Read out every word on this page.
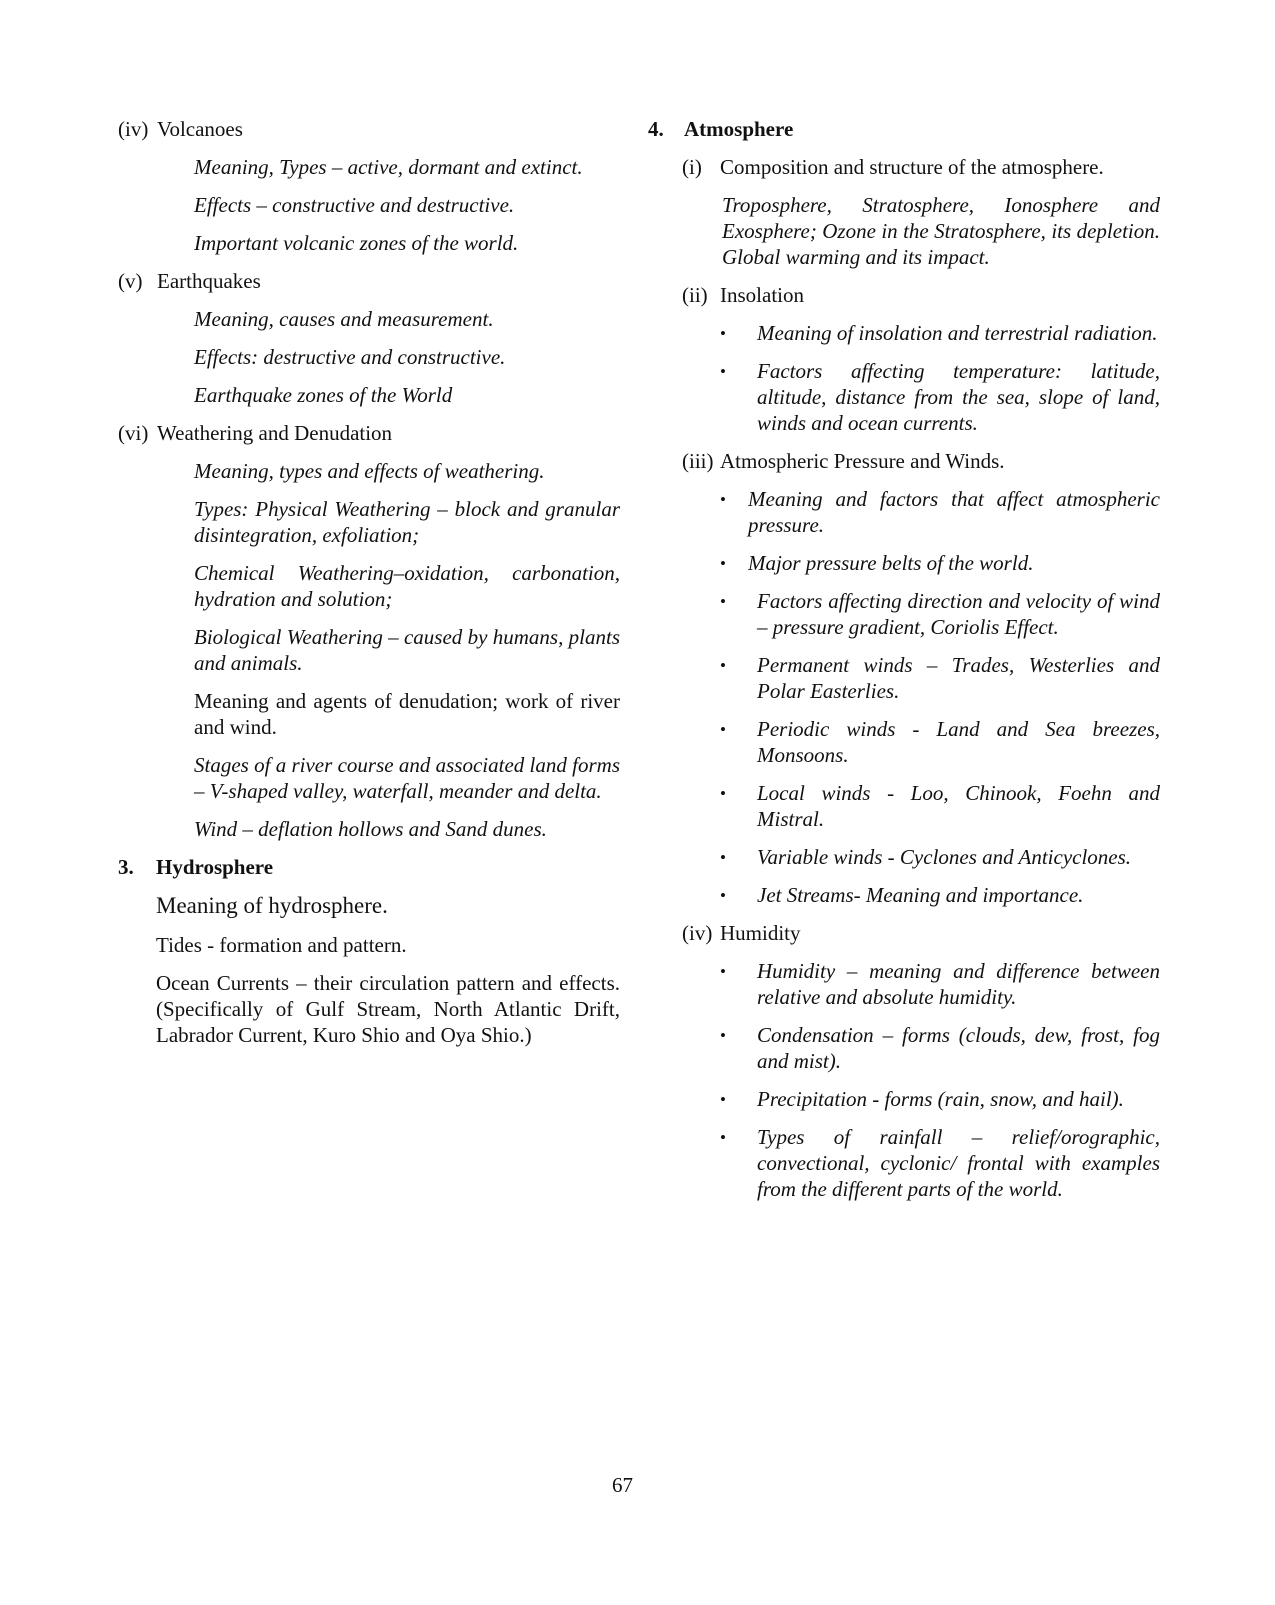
(iv) Volcanoes

Meaning, Types – active, dormant and extinct.

Effects – constructive and destructive.

Important volcanic zones of the world.

(v) Earthquakes

Meaning, causes and measurement.

Effects: destructive and constructive.

Earthquake zones of the World

(vi) Weathering and Denudation

Meaning, types and effects of weathering.

Types: Physical Weathering – block and granular disintegration, exfoliation;

Chemical Weathering–oxidation, carbonation, hydration and solution;

Biological Weathering – caused by humans, plants and animals.

Meaning and agents of denudation; work of river and wind.

Stages of a river course and associated land forms – V-shaped valley, waterfall, meander and delta.

Wind – deflation hollows and Sand dunes.

3. Hydrosphere

Meaning of hydrosphere.

Tides - formation and pattern.

Ocean Currents – their circulation pattern and effects. (Specifically of Gulf Stream, North Atlantic Drift, Labrador Current, Kuro Shio and Oya Shio.)

4. Atmosphere
(i) Composition and structure of the atmosphere.

Troposphere, Stratosphere, Ionosphere and Exosphere; Ozone in the Stratosphere, its depletion. Global warming and its impact.

(ii) Insolation
• Meaning of insolation and terrestrial radiation.
• Factors affecting temperature: latitude, altitude, distance from the sea, slope of land, winds and ocean currents.
(iii) Atmospheric Pressure and Winds.
• Meaning and factors that affect atmospheric pressure.
• Major pressure belts of the world.
• Factors affecting direction and velocity of wind – pressure gradient, Coriolis Effect.
• Permanent winds – Trades, Westerlies and Polar Easterlies.
• Periodic winds - Land and Sea breezes, Monsoons.
• Local winds - Loo, Chinook, Foehn and Mistral.
• Variable winds - Cyclones and Anticyclones.
• Jet Streams- Meaning and importance.
(iv) Humidity
• Humidity – meaning and difference between relative and absolute humidity.
• Condensation – forms (clouds, dew, frost, fog and mist).
• Precipitation - forms (rain, snow, and hail).
• Types of rainfall – relief/orographic, convectional, cyclonic/ frontal with examples from the different parts of the world.
67
